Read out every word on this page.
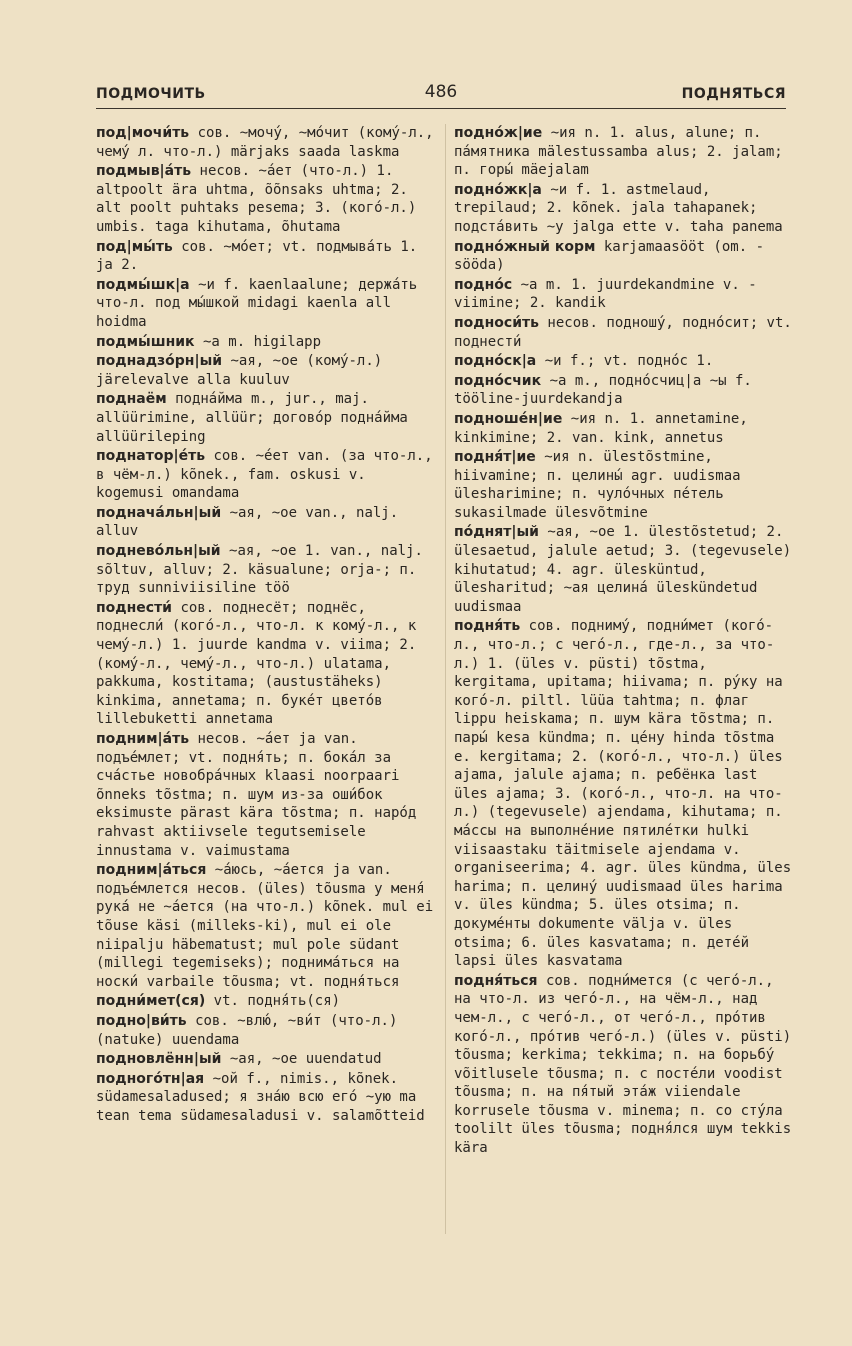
ПОДМОЧИТЬ	486	ПОДНЯТЬСЯ
под|мочи́ть сов. ~мочу́, ~мо́чит (кому́-л., чему́ л. что-л.) märjaks saada laskma
подмыв|а́ть несов. ~а́ет (что-л.) 1. altpoolt ära uhtma, õõnsaks uhtma; 2. alt poolt puhtaks pesema; 3. (кого́-л.) umbis. taga kihutama, õhutama
под|мы́ть сов. ~мо́ет; vt. подмыва́ть 1. ja 2.
подмы́шк|а ~и f. kaenlaalune; держа́ть что-л. под мы́шкой midagi kaenla all hoidma
подмы́шник ~а m. higilapp
поднадзо́рн|ый ~ая, ~ое (кому́-л.) järelevalve alla kuuluv
поднаём подна́йма m., jur., maj. allüürimine, allüür; догово́р подна́йма allüürileping
поднатор|е́ть сов. ~е́ет van. (за что-л., в чём-л.) kõnek., fam. oskusi v. kogemusi omandama
поднача́льн|ый ~ая, ~ое van., nalj. alluv
поднево́льн|ый ~ая, ~ое 1. van., nalj. sõltuv, alluv; 2. käsualune; orja-; п. труд sunniviisiline töö
поднести́ сов. поднесёт; поднёс, поднесли́ (кого́-л., что-л. к кому́-л., к чему́-л.) 1. juurde kandma v. viima; 2. (кому́-л., чему́-л., что-л.) ulatama, pakkuma, kostitama; (austustäheks) kinkima, annetama; п. буке́т цвето́в lillebuketti annetama
подним|а́ть несов. ~а́ет ja van. подъе́млет; vt. подня́ть; п. бока́л за сча́стье новобра́чных klaasi noorpaari õnneks tõstma; п. шум из-за оши́бок eksimuste pärast kära tõstma; п. наро́д rahvast aktiivsele tegutsemisele innustama v. vaimustama
подним|а́ться ~а́юсь, ~а́ется ja van. подъе́млется несов. (üles) tõusma у меня́ рука́ не ~а́ется (на что-л.) kõnek. mul ei tõuse käsi (milleks-ki), mul ei ole niipalju häbematust; mul pole südant (millegi tegemiseks); поднима́ться на носки́ varbaile tõusma; vt. подня́ться
подни́мет(ся) vt. подня́ть(ся)
подно|ви́ть сов. ~влю́, ~ви́т (что-л.) (natuke) uuendama
подновлённ|ый ~ая, ~ое uuendatud
подного́тн|ая ~ой f., nimis., kõnek. südamesaladused; я зна́ю всю его́ ~ую ma tean tema südamesaladusi v. salamõtteid
подно́ж|ие ~ия n. 1. alus, alune; п. па́мятника mälestussamba alus; 2. jalam; п. горы́ mäejalam
подно́жк|а ~и f. 1. astmelaud, trepilaud; 2. kõnek. jala tahapanek; подста́вить ~у jalga ette v. taha panema
подно́жный корм karjamaasööt (om. -sööda)
подно́с ~а m. 1. juurdekandmine v. -viimine; 2. kandik
подноси́ть несов. подношу́, подно́сит; vt. поднести́
подно́ск|а ~и f.; vt. подно́с 1.
подно́счик ~а m., подно́счиц|а ~ы f. tööline-juurdekandja
подноше́н|ие ~ия n. 1. annetamine, kinkimine; 2. van. kink, annetus
подня́т|ие ~ия n. ülestõstmine, hiivamine; п. целины́ agr. uudismaa ülesharimine; п. чуло́чных пе́тель sukasilmade ülesvõtmine
по́днят|ый ~ая, ~ое 1. ülestõstetud; 2. ülesaetud, jalule aetud; 3. (tegevusele) kihutatud; 4. agr. ülesküntud, ülesharitud; ~ая целина́ üleskündetud uudismaa
подня́ть сов. подниму́, подни́мет (кого́-л., что-л.; с чего́-л., где-л., за что-л.) 1. (üles v. püsti) tõstma, kergitama, upitama; hiivama; п. ру́ку на кого́-л. piltl. lüüa tahtma; п. флаг lippu heiskama; п. шум kära tõstma; п. пары́ kesa kündma; п. це́ну hinda tõstma e. kergitama; 2. (кого́-л., что-л.) üles ajama, jalule ajama; п. ребёнка last üles ajama; 3. (кого́-л., что-л. на что-л.) (tegevusele) ajendama, kihutama; п. ма́ссы на выполне́ние пятиле́тки hulki viisaastaku täitmisele ajendama v. organiseerima; 4. agr. üles kündma, üles harima; п. целину́ uudismaad üles harima v. üles kündma; 5. üles otsima; п. докуме́нты dokumente välja v. üles otsima; 6. üles kasvatama; п. дете́й lapsi üles kasvatama
подня́ться сов. подни́мется (с чего́-л., на что-л. из чего́-л., на чём-л., над чем-л., с чего́-л., от чего́-л., про́тив кого́-л., про́тив чего́-л.) (üles v. püsti) tõusma; kerkima; tekkima; п. на борьбу́ võitlusele tõusma; п. с посте́ли voodist tõusma; п. на пя́тый эта́ж viiendale korrusele tõusma v. minema; п. со сту́ла toolilt üles tõusma; подня́лся шум tekkis kära
